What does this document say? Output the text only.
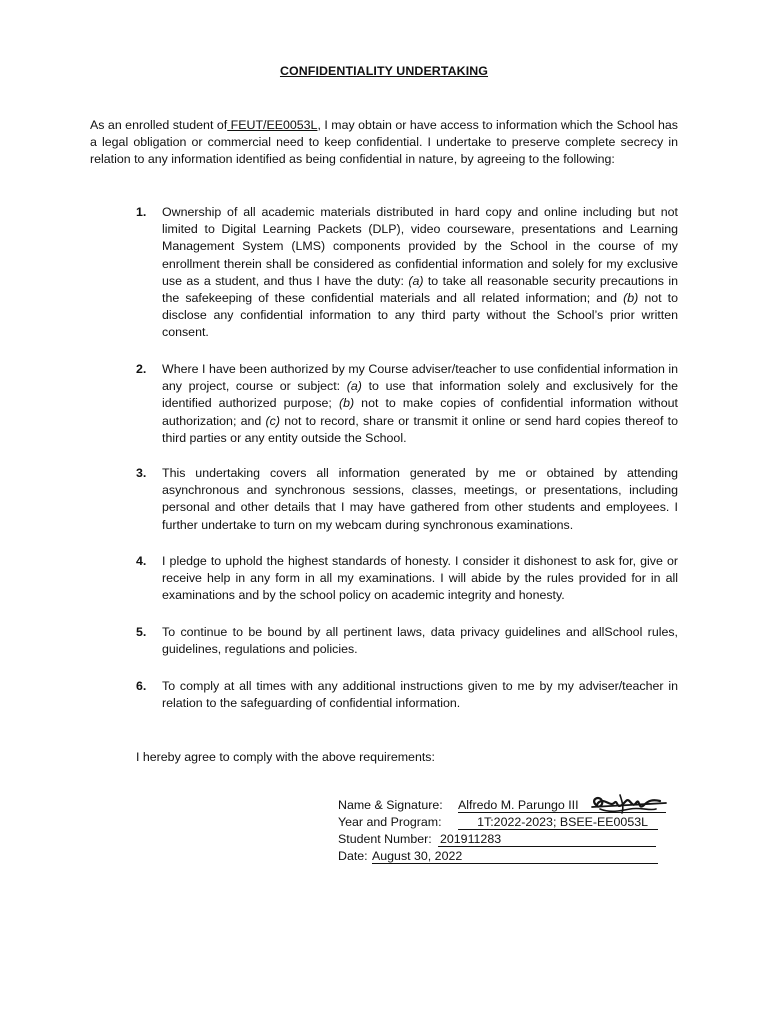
CONFIDENTIALITY UNDERTAKING

As an enrolled student of FEUT/EE0053L, I may obtain or have access to information which the School has a legal obligation or commercial need to keep confidential. I undertake to preserve complete secrecy in relation to any information identified as being confidential in nature, by agreeing to the following:

1. Ownership of all academic materials distributed in hard copy and online including but not limited to Digital Learning Packets (DLP), video courseware, presentations and Learning Management System (LMS) components provided by the School in the course of my enrollment therein shall be considered as confidential information and solely for my exclusive use as a student, and thus I have the duty: (a) to take all reasonable security precautions in the safekeeping of these confidential materials and all related information; and (b) not to disclose any confidential information to any third party without the School’s prior written consent.
2. Where I have been authorized by my Course adviser/teacher to use confidential information in any project, course or subject: (a) to use that information solely and exclusively for the identified authorized purpose; (b) not to make copies of confidential information without authorization; and (c) not to record, share or transmit it online or send hard copies thereof to third parties or any entity outside the School.
3. This undertaking covers all information generated by me or obtained by attending asynchronous and synchronous sessions, classes, meetings, or presentations, including personal and other details that I may have gathered from other students and employees. I further undertake to turn on my webcam during synchronous examinations.
4. I pledge to uphold the highest standards of honesty. I consider it dishonest to ask for, give or receive help in any form in all my examinations. I will abide by the rules provided for in all examinations and by the school policy on academic integrity and honesty.
5. To continue to be bound by all pertinent laws, data privacy guidelines and allSchool rules, guidelines, regulations and policies.
6. To comply at all times with any additional instructions given to me by my adviser/teacher in relation to the safeguarding of confidential information.

I hereby agree to comply with the above requirements:

Name & Signature: Alfredo M. Parungo III
Year and Program:	1T:2022-2023; BSEE-EE0053L
Student Number: 201911283
Date: August 30, 2022
